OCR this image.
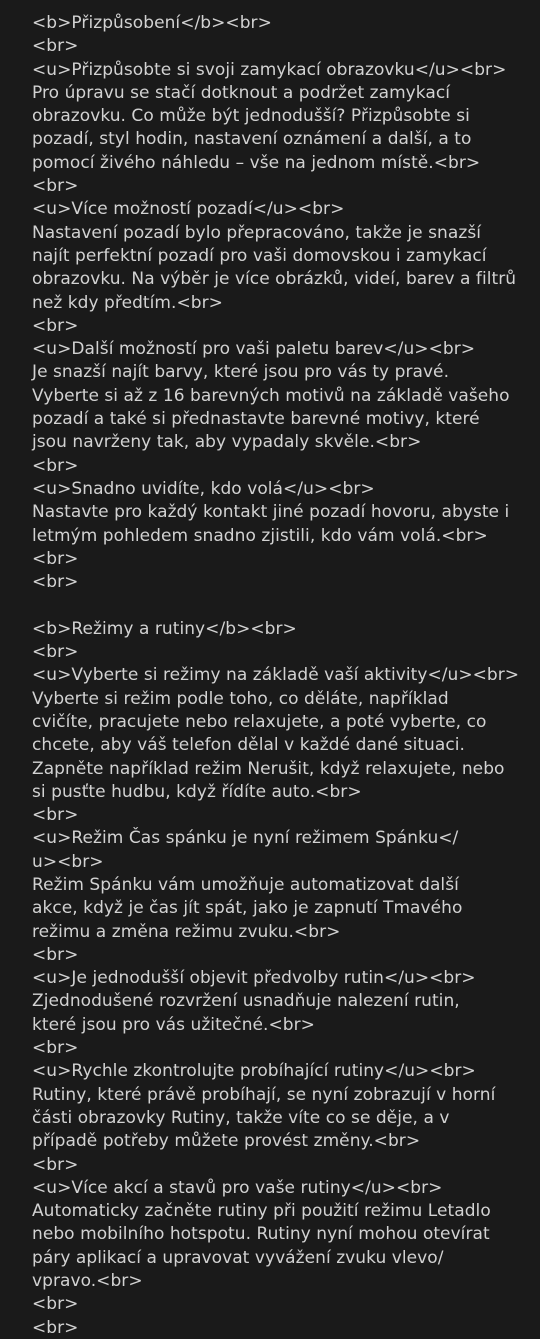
<b>Přizpůsobení</b><br>
<br>
<u>Přizpůsobte si svoji zamykací obrazovku</u><br>
Pro úpravu se stačí dotknout a podržet zamykací
obrazovku. Co může být jednodušší? Přizpůsobte si
pozadí, styl hodin, nastavení oznámení a další, a to
pomocí živého náhledu – vše na jednom místě.<br>
<br>
<u>Více možností pozadí</u><br>
Nastavení pozadí bylo přepracováno, takže je snazší
najít perfektní pozadí pro vaši domovskou i zamykací
obrazovku. Na výběr je více obrázků, videí, barev a filtrů
než kdy předtím.<br>
<br>
<u>Další možností pro vaši paletu barev</u><br>
Je snazší najít barvy, které jsou pro vás ty pravé.
Vyberte si až z 16 barevných motivů na základě vašeho
pozadí a také si přednastavte barevné motivy, které
jsou navrženy tak, aby vypadaly skvěle.<br>
<br>
<u>Snadno uvidíte, kdo volá</u><br>
Nastavte pro každý kontakt jiné pozadí hovoru, abyste i
letmým pohledem snadno zjistili, kdo vám volá.<br>
<br>
<br>
<b>Režimy a rutiny</b><br>
<br>
<u>Vyberte si režimy na základě vaší aktivity</u><br>
Vyberte si režim podle toho, co děláte, například
cvičíte, pracujete nebo relaxujete, a poté vyberte, co
chcete, aby váš telefon dělal v každé dané situaci.
Zapněte například režim Nerušit, když relaxujete, nebo
si pusťte hudbu, když řídíte auto.<br>
<br>
<u>Režim Čas spánku je nyní režimem Spánku</
u><br>
Režim Spánku vám umožňuje automatizovat další
akce, když je čas jít spát, jako je zapnutí Tmavého
režimu a změna režimu zvuku.<br>
<br>
<u>Je jednodušší objevit předvolby rutin</u><br>
Zjednodušené rozvržení usnadňuje nalezení rutin,
které jsou pro vás užitečné.<br>
<br>
<u>Rychle zkontrolujte probíhající rutiny</u><br>
Rutiny, které právě probíhají, se nyní zobrazují v horní
části obrazovky Rutiny, takže víte co se děje, a v
případě potřeby můžete provést změny.<br>
<br>
<u>Více akcí a stavů pro vaše rutiny</u><br>
Automaticky začněte rutiny při použití režimu Letadlo
nebo mobilního hotspotu. Rutiny nyní mohou otevírat
páry aplikací a upravovat vyvážení zvuku vlevo/
vpravo.<br>
<br>
<br>
